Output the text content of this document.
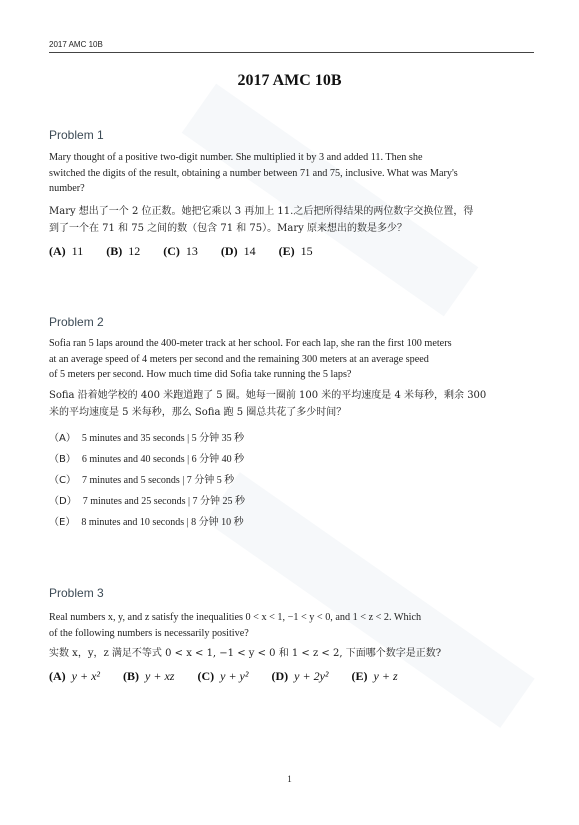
2017 AMC 10B
2017 AMC 10B
Problem 1
Mary thought of a positive two-digit number. She multiplied it by 3 and added 11. Then she
switched the digits of the result, obtaining a number between 71 and 75, inclusive. What was Mary's
number?
Mary 想出了一个 2 位正数。她把它乘以 3 再加上 11.之后把所得结果的两位数字交换位置，得
到了一个在 71 和 75 之间的数（包含 71 和 75）。Mary 原来想出的数是多少？
(A) 11 (B) 12 (C) 13 (D) 14 (E) 15
Problem 2
Sofia ran 5 laps around the 400-meter track at her school. For each lap, she ran the first 100 meters
at an average speed of 4 meters per second and the remaining 300 meters at an average speed
of 5 meters per second. How much time did Sofia take running the 5 laps?
Sofia 沿着她学校的 400 米跑道跑了 5 圈。她每一圈前 100 米的平均速度是 4 米每秒，剩余 300
米的平均速度是 5 米每秒，那么 Sofia 跑 5 圈总共花了多少时间？
（A） 5 minutes and 35 seconds | 5 分钟 35 秒
（B） 6 minutes and 40 seconds | 6 分钟 40 秒
（C） 7 minutes and 5 seconds | 7 分钟 5 秒
（D） 7 minutes and 25 seconds | 7 分钟 25 秒
（E） 8 minutes and 10 seconds | 8 分钟 10 秒
Problem 3
Real numbers x, y, and z satisfy the inequalities 0 < x < 1, −1 < y < 0, and 1 < z < 2. Which
of the following numbers is necessarily positive?
实数 x，y，z 满足不等式 0 < x < 1, −1 < y < 0 和 1 < z < 2, 下面哪个数字是正数?
(A) y + x² (B) y + xz (C) y + y² (D) y + 2y² (E) y + z
1
